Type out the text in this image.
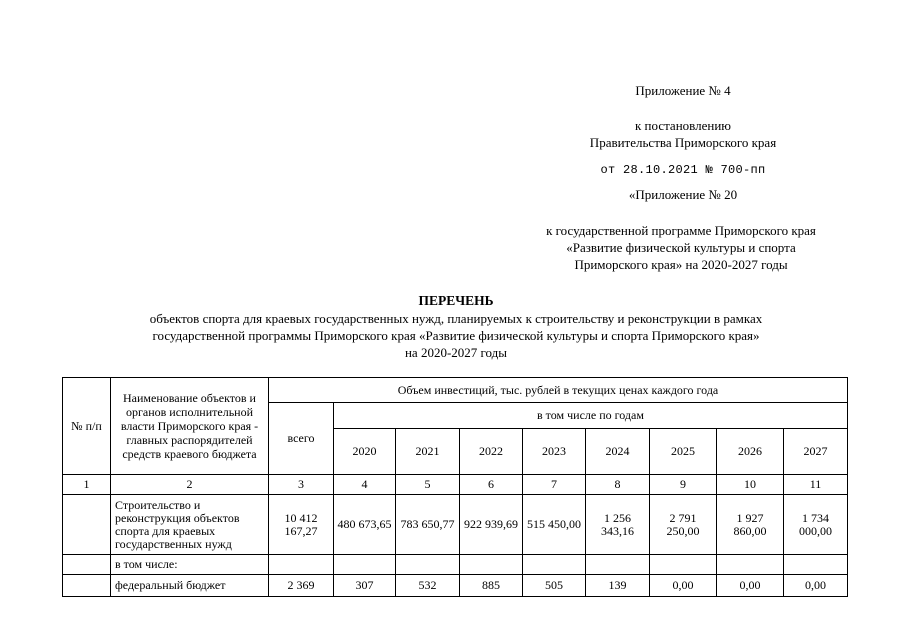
Приложение № 4
к постановлению
Правительства Приморского края
от 28.10.2021 № 700-пп
«Приложение № 20
к государственной программе Приморского края
«Развитие физической культуры и спорта
Приморского края» на 2020-2027 годы
ПЕРЕЧЕНЬ
объектов спорта для краевых государственных нужд, планируемых к строительству и реконструкции в рамках
государственной программы Приморского края «Развитие физической культуры и спорта Приморского края»
на 2020-2027 годы
№ п/п	Наименование объектов и органов исполнительной власти Приморского края - главных распорядителей средств краевого бюджета	Объем инвестиций, тыс. рублей в текущих ценах каждого года								
		всего	в том числе по годам							
			2020	2021	2022	2023	2024	2025	2026	2027
1	2	3	4	5	6	7	8	9	10	11
	Строительство и реконструкция объектов спорта для краевых государственных нужд	10 412 167,27	480 673,65	783 650,77	922 939,69	515 450,00	1 256 343,16	2 791 250,00	1 927 860,00	1 734 000,00
	в том числе:									
	федеральный бюджет	2 369	307	532	885	505	139	0,00	0,00	0,00
